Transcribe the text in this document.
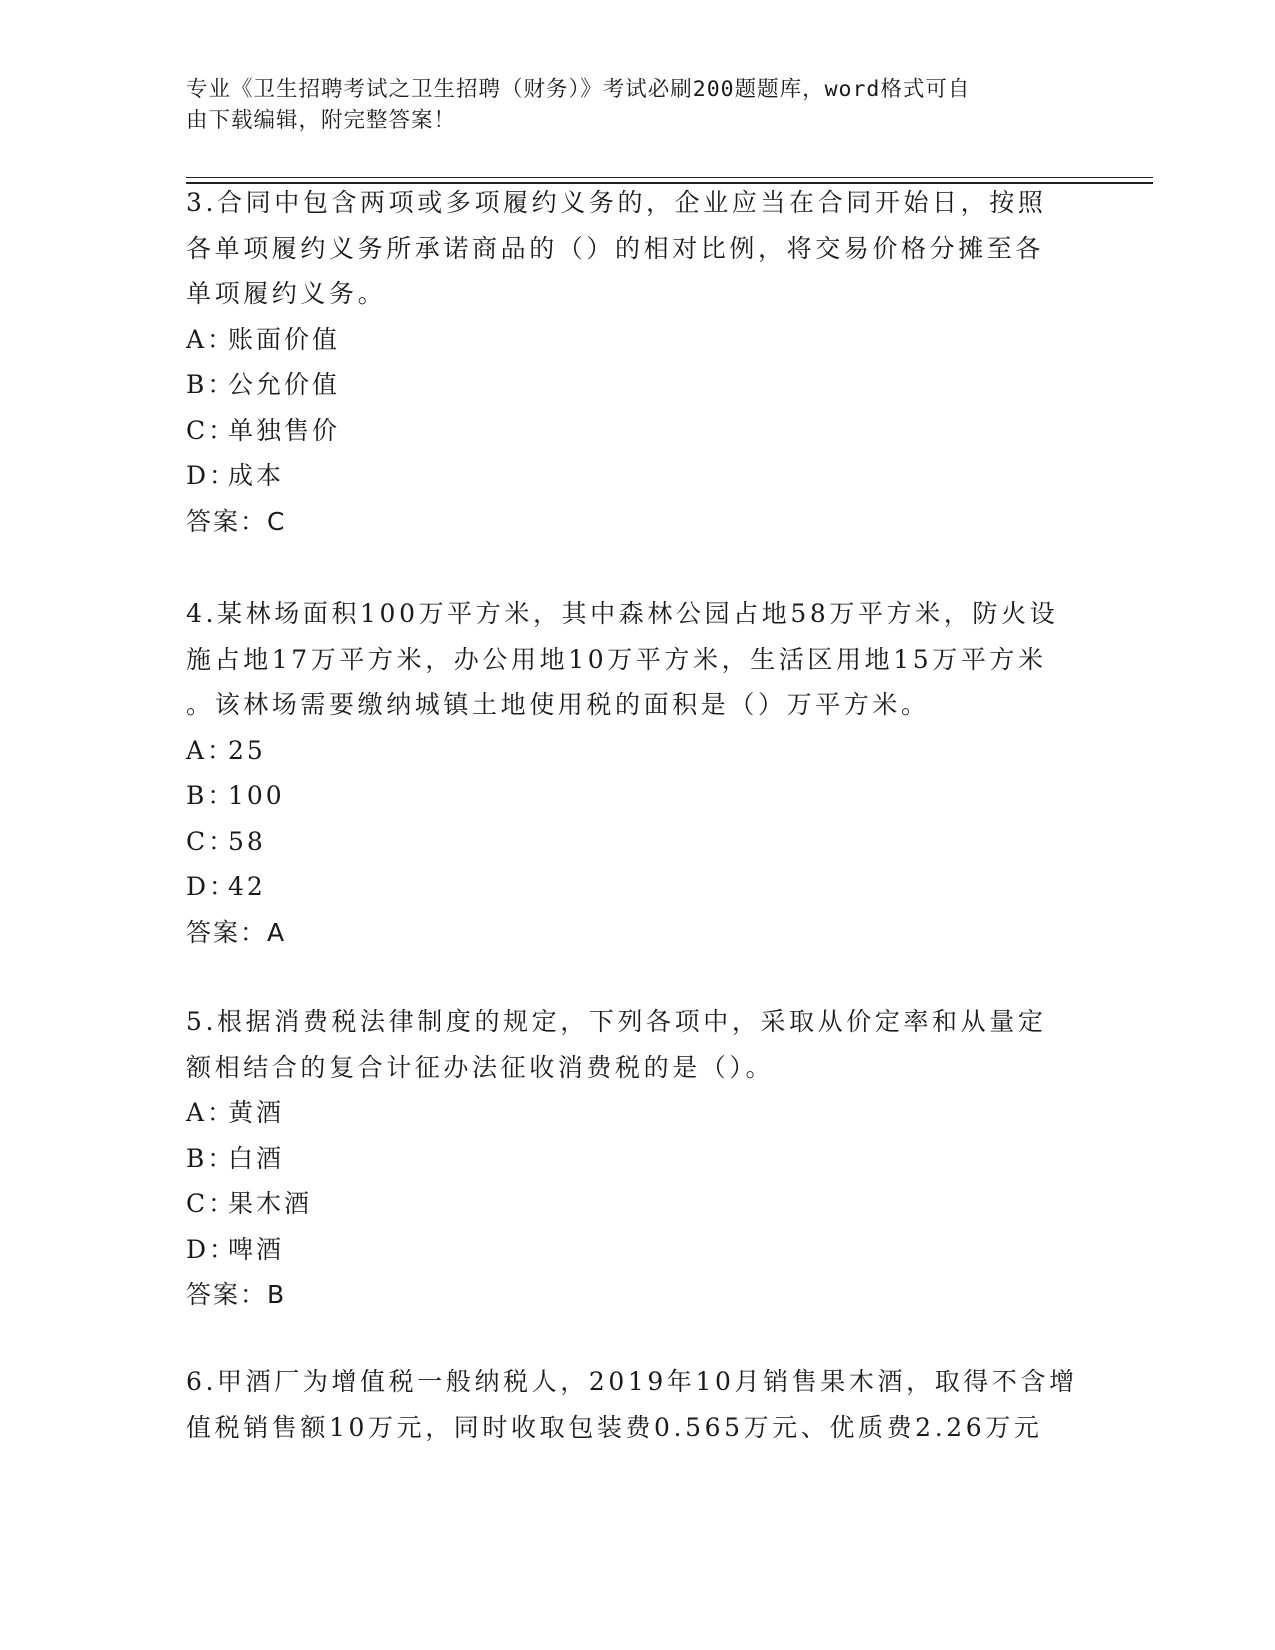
专业《卫生招聘考试之卫生招聘（财务）》考试必刷200题题库，word格式可自
由下载编辑，附完整答案！
3.合同中包含两项或多项履约义务的，企业应当在合同开始日，按照
各单项履约义务所承诺商品的（）的相对比例，将交易价格分摊至各
单项履约义务。
A：账面价值
B：公允价值
C：单独售价
D：成本
答案：C
4.某林场面积100万平方米，其中森林公园占地58万平方米，防火设
施占地17万平方米，办公用地10万平方米，生活区用地15万平方米
。该林场需要缴纳城镇土地使用税的面积是（）万平方米。
A：25
B：100
C：58
D：42
答案：A
5.根据消费税法律制度的规定，下列各项中，采取从价定率和从量定
额相结合的复合计征办法征收消费税的是（）。
A：黄酒
B：白酒
C：果木酒
D：啤酒
答案：B
6.甲酒厂为增值税一般纳税人，2019年10月销售果木酒，取得不含增
值税销售额10万元，同时收取包装费0.565万元、优质费2.26万元
